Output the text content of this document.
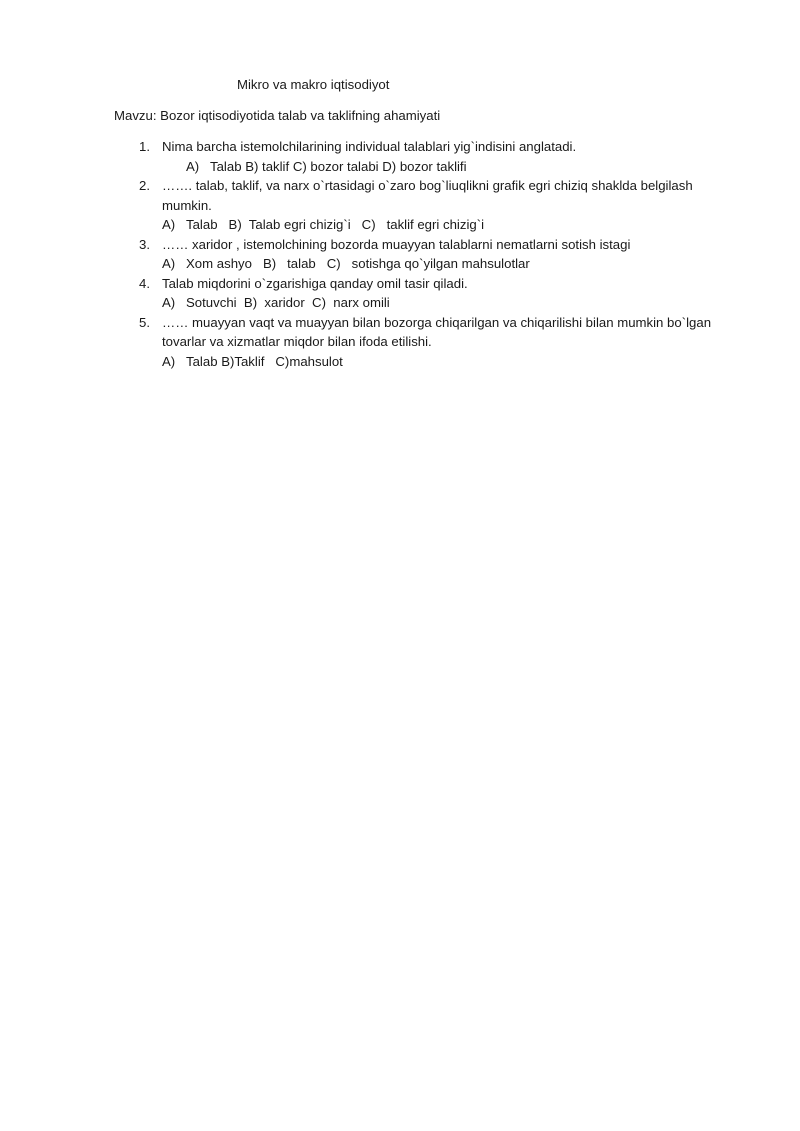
Mikro va makro iqtisodiyot
Mavzu: Bozor iqtisodiyotida talab va taklifning ahamiyati
1. Nima barcha istemolchilarining individual talablari yig`indisini anglatadi.
A) Talab B) taklif C) bozor talabi D) bozor taklifi
2. ……. talab, taklif, va narx o`rtasidagi o`zaro bog`liuqlikni grafik egri chiziq shaklda belgilash mumkin.
A) Talab   B)  Talab egri chizig`i   C)   taklif egri chizig`i
3. …… xaridor , istemolchining bozorda muayyan talablarni nematlarni sotish istagi
A) Xom ashyo   B)   talab   C)   sotishga qo`yilgan mahsulotlar
4. Talab miqdorini o`zgarishiga qanday omil tasir qiladi.
A) Sotuvchi  B)  xaridor  C)  narx omili
5. …… muayyan vaqt va muayyan bilan bozorga chiqarilgan va chiqarilishi bilan mumkin bo`lgan tovarlar va xizmatlar miqdor bilan ifoda etilishi.
A) Talab B)Taklif   C)mahsulot
